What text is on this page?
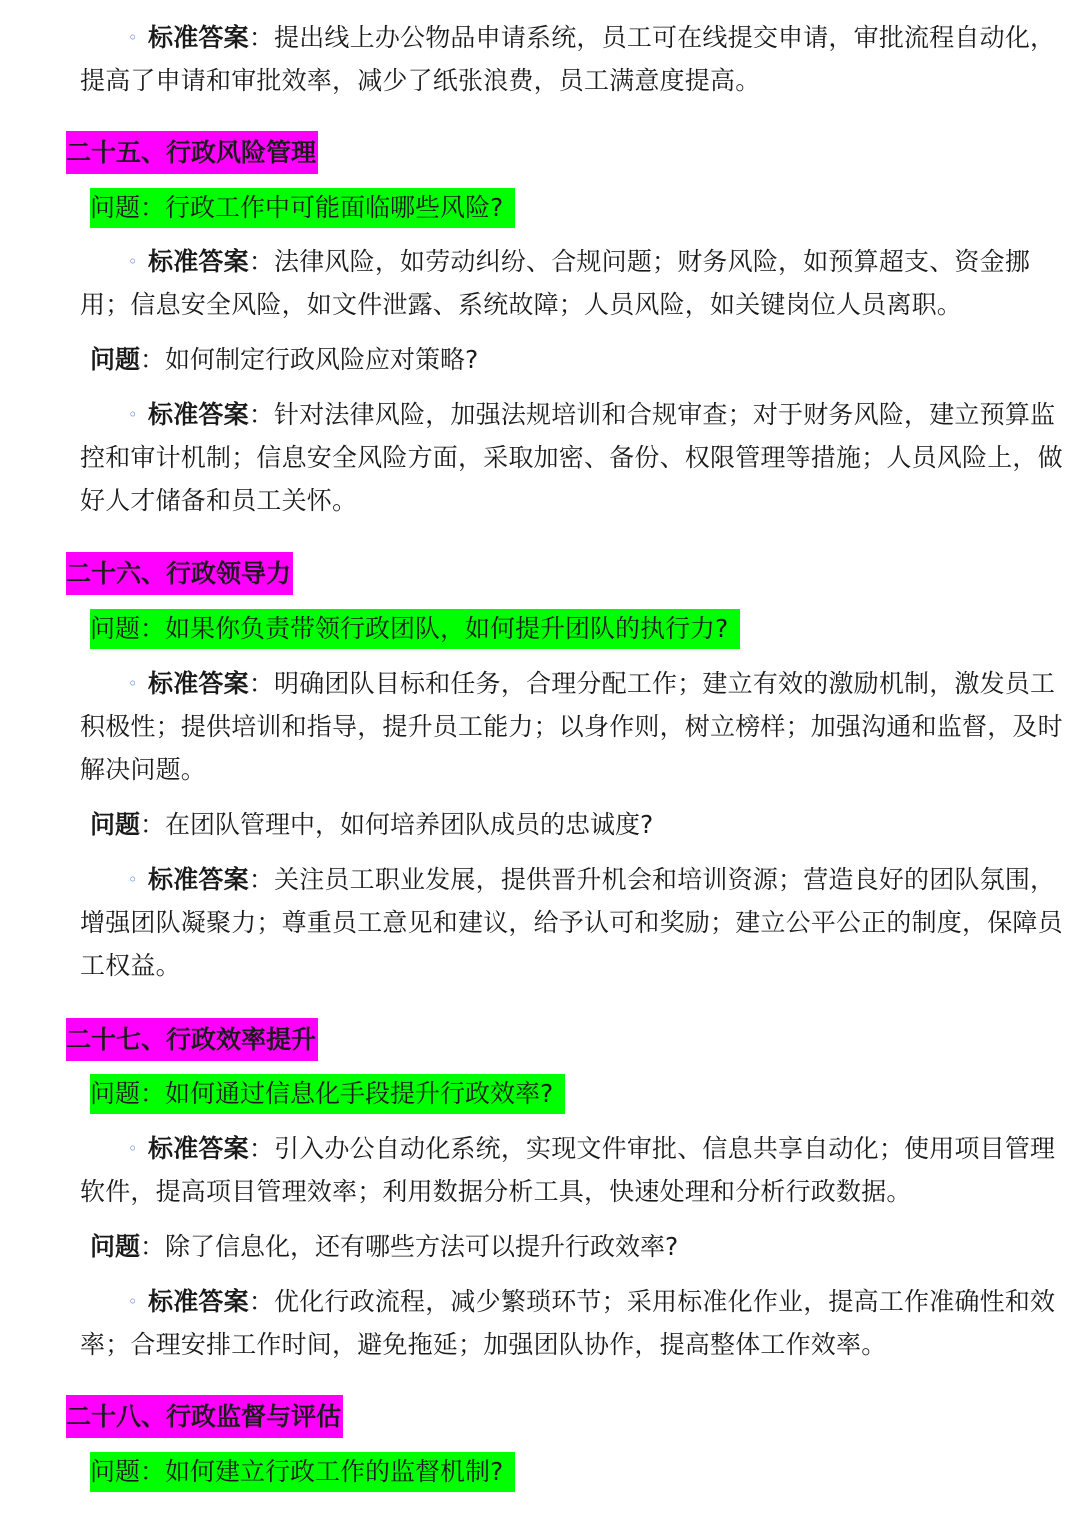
◦ 标准答案：提出线上办公物品申请系统，员工可在线提交申请，审批流程自动化，提高了申请和审批效率，减少了纸张浪费，员工满意度提高。

二十五、行政风险管理
问题：行政工作中可能面临哪些风险?

◦ 标准答案：法律风险，如劳动纠纷、合规问题；财务风险，如预算超支、资金挪用；信息安全风险，如文件泄露、系统故障；人员风险，如关键岗位人员离职。

问题：如何制定行政风险应对策略?

◦ 标准答案：针对法律风险，加强法规培训和合规审查；对于财务风险，建立预算监控和审计机制；信息安全风险方面，采取加密、备份、权限管理等措施；人员风险上，做好人才储备和员工关怀。

二十六、行政领导力
问题：如果你负责带领行政团队，如何提升团队的执行力?

◦ 标准答案：明确团队目标和任务，合理分配工作；建立有效的激励机制，激发员工积极性；提供培训和指导，提升员工能力；以身作则，树立榜样；加强沟通和监督，及时解决问题。

问题：在团队管理中，如何培养团队成员的忠诚度?

◦ 标准答案：关注员工职业发展，提供晋升机会和培训资源；营造良好的团队氛围，增强团队凝聚力；尊重员工意见和建议，给予认可和奖励；建立公平公正的制度，保障员工权益。

二十七、行政效率提升
问题：如何通过信息化手段提升行政效率?

◦ 标准答案：引入办公自动化系统，实现文件审批、信息共享自动化；使用项目管理软件，提高项目管理效率；利用数据分析工具，快速处理和分析行政数据。

问题：除了信息化，还有哪些方法可以提升行政效率?

◦ 标准答案：优化行政流程，减少繁琐环节；采用标准化作业，提高工作准确性和效率；合理安排工作时间，避免拖延；加强团队协作，提高整体工作效率。

二十八、行政监督与评估
问题：如何建立行政工作的监督机制?
